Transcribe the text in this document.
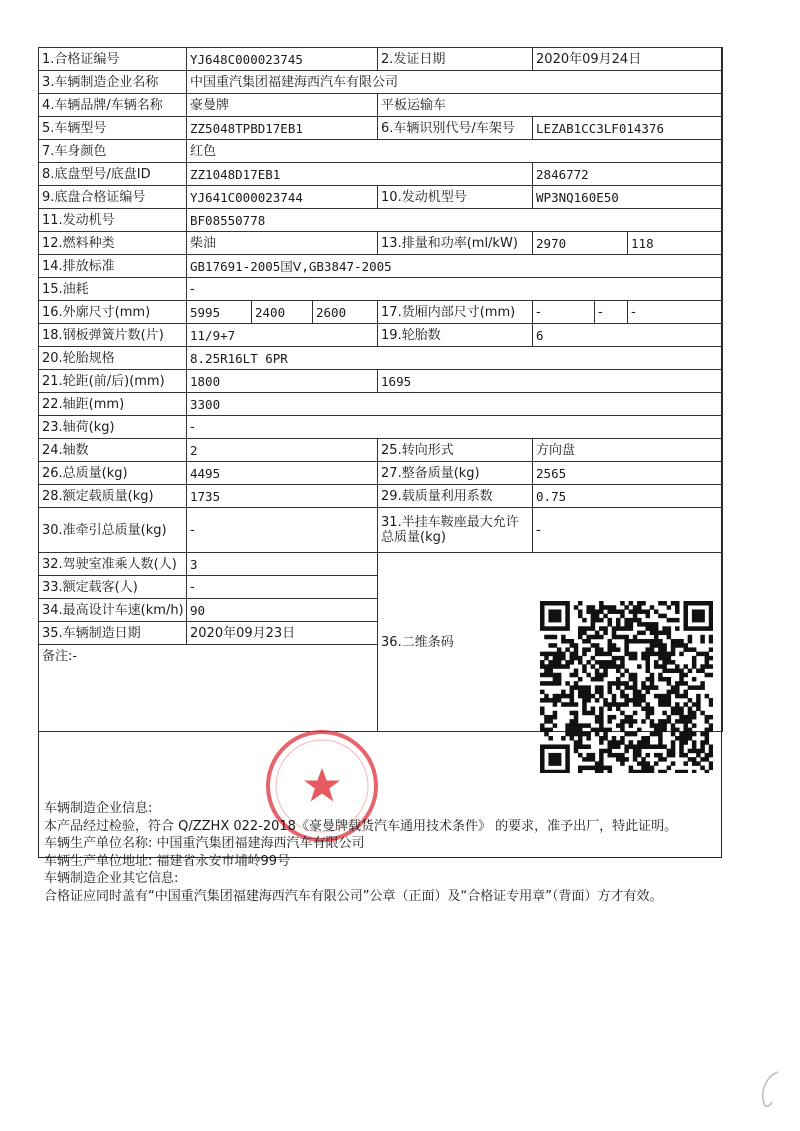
1.合格证编号	YJ648C000023745			2.发证日期	2020年09月24日		
3.车辆制造企业名称	中国重汽集团福建海西汽车有限公司						
4.车辆品牌/车辆名称	豪曼牌			平板运输车			
5.车辆型号	ZZ5048TPBD17EB1			6.车辆识别代号/车架号	LEZAB1CC3LF014376		
7.车身颜色	红色						
8.底盘型号/底盘ID	ZZ1048D17EB1				2846772		
9.底盘合格证编号	YJ641C000023744			10.发动机型号	WP3NQ160E50		
11.发动机号	BF08550778						
12.燃料种类	柴油			13.排量和功率(ml/kW)	2970		118
14.排放标准	GB17691-2005国Ⅴ,GB3847-2005						
15.油耗	-						
16.外廓尺寸(mm)	5995	2400	2600	17.货厢内部尺寸(mm)	-	-	-
18.钢板弹簧片数(片)	11/9+7			19.轮胎数	6		
20.轮胎规格	8.25R16LT 6PR						
21.轮距(前/后)(mm)	1800			1695			
22.轴距(mm)	3300						
23.轴荷(kg)	-						
24.轴数	2			25.转向形式	方向盘		
26.总质量(kg)	4495			27.整备质量(kg)	2565		
28.额定载质量(kg)	1735			29.载质量利用系数	0.75		
30.准牵引总质量(kg)	-			31.半挂车鞍座最大允许总质量(kg)	-		
32.驾驶室准乘人数(人)	3			36.二维条码			
33.额定载客(人)	-						
34.最高设计车速(km/h)	90						
35.车辆制造日期	2020年09月23日						
备注:-							
车辆制造企业信息:
本产品经过检验，符合 Q/ZZHX 022-2018《豪曼牌载货汽车通用技术条件》 的要求，准予出厂，特此证明。
车辆生产单位名称: 中国重汽集团福建海西汽车有限公司
车辆生产单位地址: 福建省永安市埔岭99号
车辆制造企业其它信息:
合格证应同时盖有“中国重汽集团福建海西汽车有限公司”公章（正面）及“合格证专用章”（背面）方才有效。
